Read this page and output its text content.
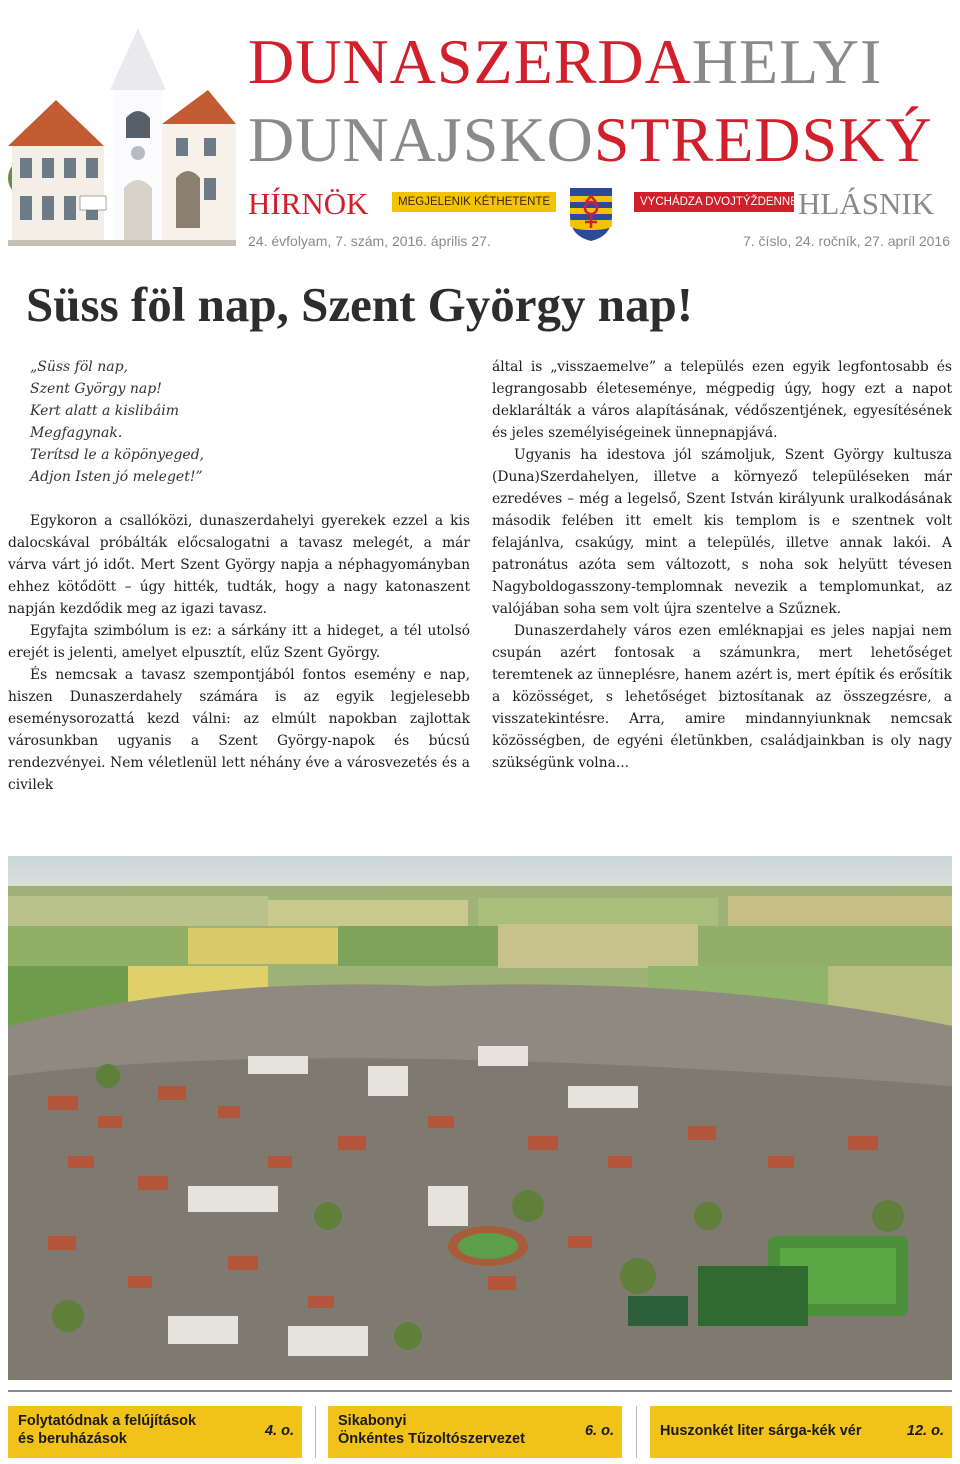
DUNASZERDAHELYI
DUNAJSKOSTREDSKÝ
HÍRNÖK	MEGJELENIK KÉTHETENTE	VYCHÁDZA DVOJTÝŽDENNE HLÁSNIK
24. évfolyam, 7. szám, 2016. április 27.	7. číslo, 24. ročník, 27. apríl 2016
Süss föl nap, Szent György nap!
„Süss föl nap,
Szent György nap!
Kert alatt a kislibáim
Megfagynak.
Terítsd le a köpönyeged,
Adjon Isten jó meleget!”

Egykoron a csallóközi, dunaszerdahelyi gyerekek ezzel a kis dalocskával próbálták előcsalogatni a tavasz melegét, a már várva várt jó időt. Mert Szent György napja a néphagyományban ehhez kötődött – úgy hitték, tudták, hogy a nagy katonaszent napján kezdődik meg az igazi tavasz.

Egyfajta szimbólum is ez: a sárkány itt a hideget, a tél utolsó erejét is jelenti, amelyet elpusztít, elűz Szent György.

És nemcsak a tavasz szempontjából fontos esemény e nap, hiszen Dunaszerdahely számára is az egyik legjelesebb eseménysorozattá kezd válni: az elmúlt napokban zajlottak városunkban ugyanis a Szent György-napok és búcsú rendezvényei. Nem véletlenül lett néhány éve a városvezetés és a civilek

által is „visszaemelve” a település ezen egyik legfontosabb és legrangosabb életeseménye, mégpedig úgy, hogy ezt a napot deklarálták a város alapításának, védőszentjének, egyesítésének és jeles személyiségeinek ünnepnapjává.

Ugyanis ha idestova jól számoljuk, Szent György kultusza (Duna)Szerdahelyen, illetve a környező településeken már ezredéves – még a legelső, Szent István királyunk uralkodásának második felében itt emelt kis templom is e szentnek volt felajánlva, csakúgy, mint a település, illetve annak lakói. A patronátus azóta sem változott, s noha sok helyütt tévesen Nagyboldogasszony-templomnak nevezik a templomunkat, az valójában soha sem volt újra szentelve a Szűznek.

Dunaszerdahely város ezen emléknapjai es jeles napjai nem csupán azért fontosak a számunkra, mert lehetőséget teremtenek az ünneplésre, hanem azért is, mert építik és erősítik a közösséget, s lehetőséget biztosítanak az összegzésre, a visszatekintésre. Arra, amire mindannyiunknak nemcsak közösségben, de egyéni életünkben, családjainkban is oly nagy szükségünk volna...

Folytatódnak a felújítások
és beruházások	4. o.
Sikabonyi
Önkéntes Tűzoltószervezet	6. o.	Huszonkét liter sárga-kék vér	12. o.
